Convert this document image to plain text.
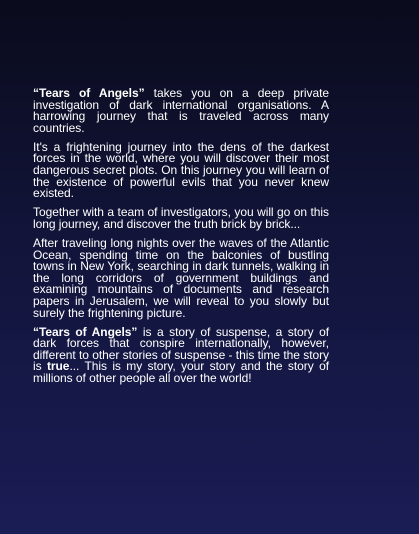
“Tears of Angels” takes you on a deep private investigation of dark international organisations. A harrowing journey that is traveled across many countries.

It's a frightening journey into the dens of the darkest forces in the world, where you will discover their most dangerous secret plots. On this journey you will learn of the existence of powerful evils that you never knew existed.

Together with a team of investigators, you will go on this long journey, and discover the truth brick by brick...

After traveling long nights over the waves of the Atlantic Ocean, spending time on the balconies of bustling towns in New York, searching in dark tunnels, walking in the long corridors of government buildings and examining mountains of documents and research papers in Jerusalem, we will reveal to you slowly but surely the frightening picture.

“Tears of Angels” is a story of suspense, a story of dark forces that conspire internationally, however, different to other stories of suspense - this time the story is true... This is my story, your story and the story of millions of other people all over the world!
